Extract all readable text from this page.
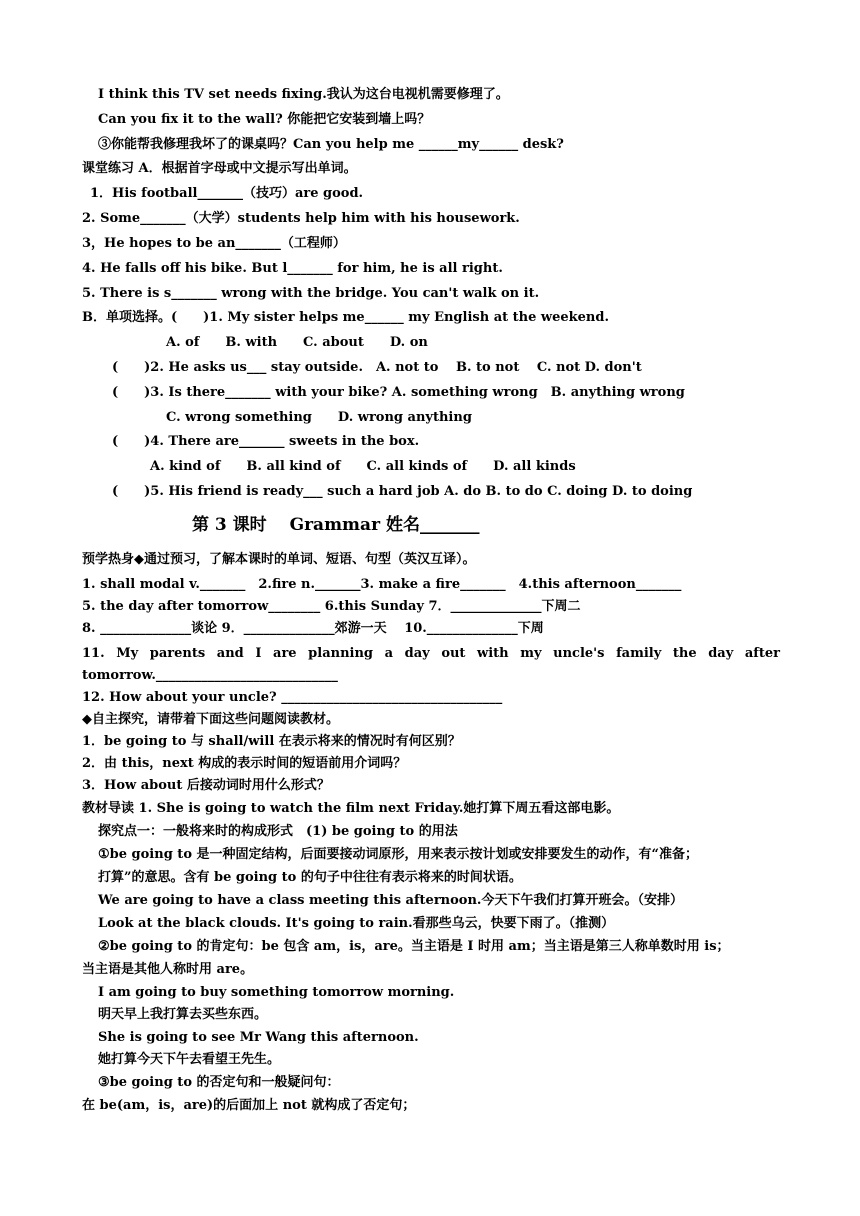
I think this TV set needs fixing.我认为这台电视机需要修理了。
Can you fix it to the wall? 你能把它安装到墙上吗？
③你能帮我修理我坏了的课桌吗？Can you help me ______my______ desk?
课堂练习 A．根据首字母或中文提示写出单词。
1．His football_______（技巧）are good.
2. Some_______（大学）students help him with his housework.
3，He hopes to be an_______（工程师）
4. He falls off his bike. But l_______ for him, he is all right.
5. There is s_______ wrong with the bridge. You can't walk on it.
B．单项选择。(　　)1. My sister helps me______ my English at the weekend.
A. of　　B. with　　C. about　　D. on
(　　)2. He asks us___ stay outside.　A. not to　 B. to not　 C. not D. don't
(　　)3. Is there_______ with your bike? A. something wrong　B. anything wrong
C. wrong something　　D. wrong anything
(　　)4. There are_______ sweets in the box.
A. kind of　　B. all kind of　　C. all kinds of　　D. all kinds
(　　)5. His friend is ready___ such a hard job A. do B. to do C. doing D. to doing
第 3 课时　 Grammar 姓名_______
预学热身◆通过预习，了解本课时的单词、短语、句型（英汉互译）。
1. shall modal v._______　2.fire n._______3. make a fire_______　4.this afternoon_______
5. the day after tomorrow________ 6.this Sunday 7．______________下周二
8. ______________谈论 9．______________郊游一天　 10.______________下周
11. My parents and I are planning a day out with my uncle's family the day after
tomorrow.____________________________
12. How about your uncle? __________________________________
◆自主探究，请带着下面这些问题阅读教材。
1．be going to 与 shall/will 在表示将来的情况时有何区别？
2．由 this，next 构成的表示时间的短语前用介词吗？
3．How about 后接动词时用什么形式？
教材导读 1. She is going to watch the film next Friday.她打算下周五看这部电影。
探究点一：一般将来时的构成形式　(1) be going to 的用法
①be going to 是一种固定结构，后面要接动词原形，用来表示按计划或安排要发生的动作，有“准备；
打算”的意思。含有 be going to 的句子中往往有表示将来的时间状语。
We are going to have a class meeting this afternoon.今天下午我们打算开班会。（安排）
Look at the black clouds. It's going to rain.看那些乌云，快要下雨了。（推测）
②be going to 的肯定句：be 包含 am，is，are。当主语是 I 时用 am；当主语是第三人称单数时用 is；
当主语是其他人称时用 are。
I am going to buy something tomorrow morning.
明天早上我打算去买些东西。
She is going to see Mr Wang this afternoon.
她打算今天下午去看望王先生。
③be going to 的否定句和一般疑问句：
在 be(am，is，are)的后面加上 not 就构成了否定句；
